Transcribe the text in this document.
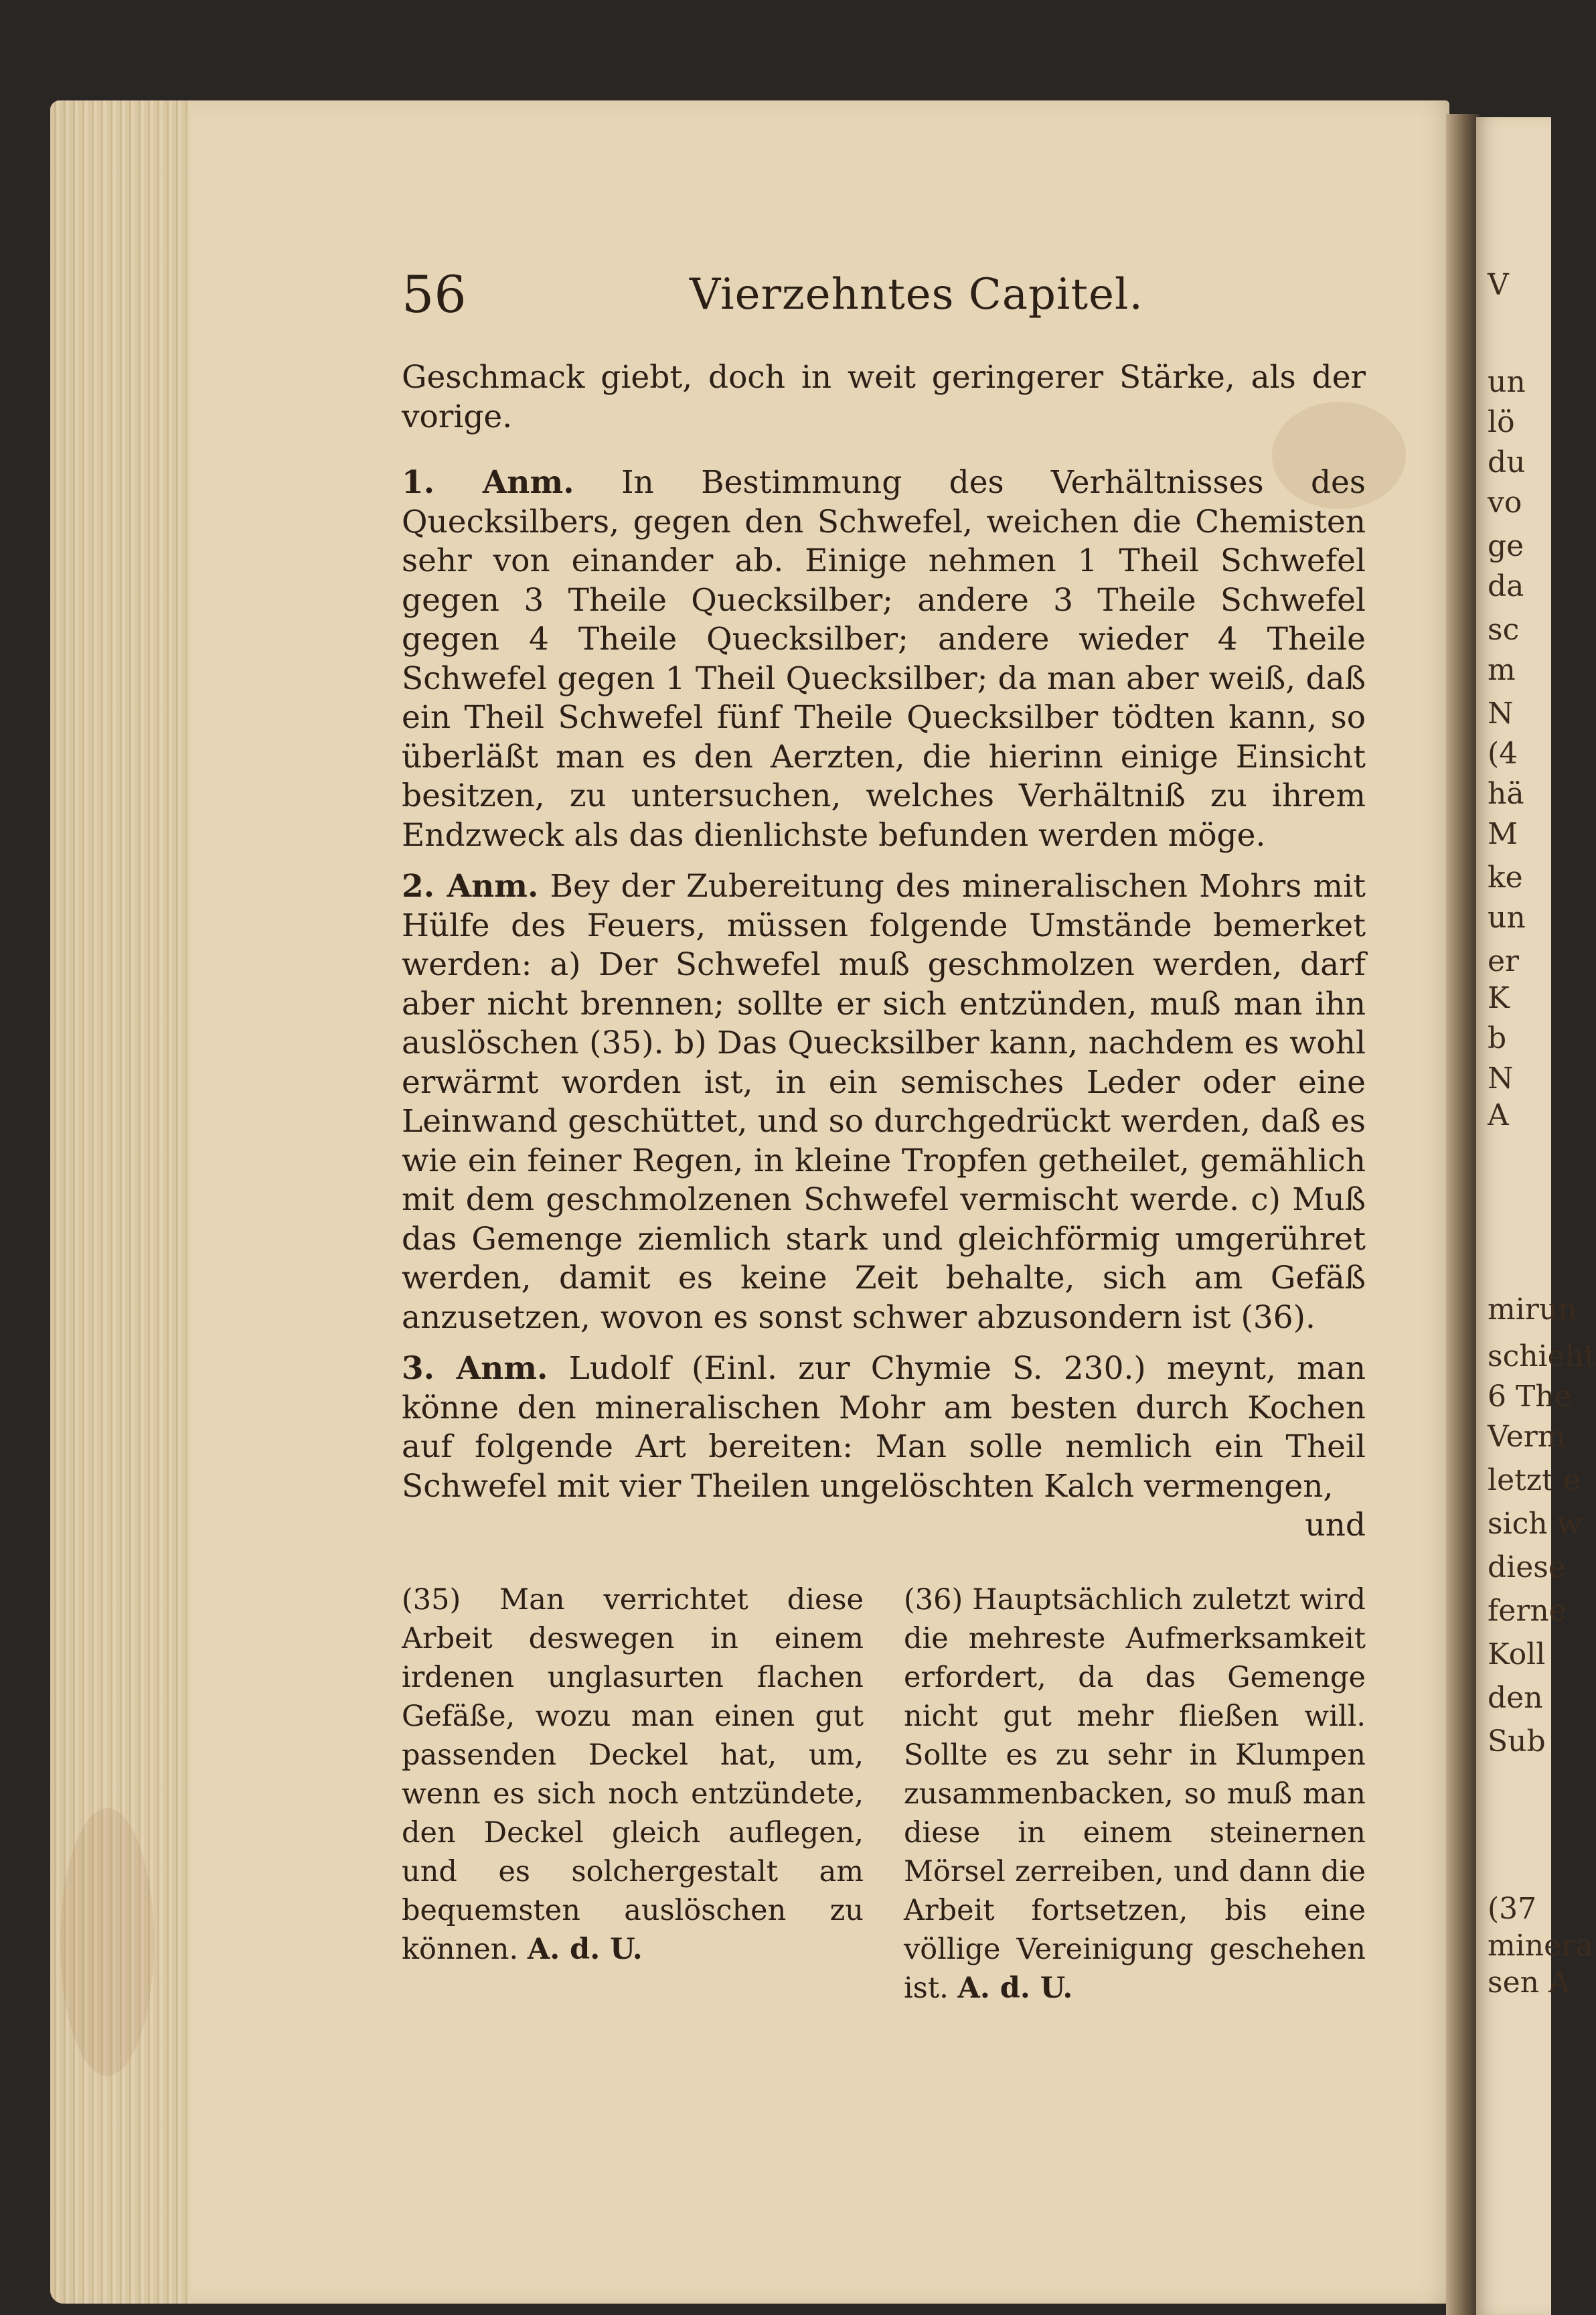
56	Vierzehntes Capitel.

Geschmack giebt, doch in weit geringerer Stärke, als der vorige.

1. Anm. In Bestimmung des Verhältnisses des Quecksilbers, gegen den Schwefel, weichen die Chemisten sehr von einander ab. Einige nehmen 1 Theil Schwefel gegen 3 Theile Quecksilber; andere 3 Theile Schwefel gegen 4 Theile Quecksilber; andere wieder 4 Theile Schwefel gegen 1 Theil Quecksilber; da man aber weiß, daß ein Theil Schwefel fünf Theile Quecksilber tödten kann, so überläßt man es den Aerzten, die hierinn einige Einsicht besitzen, zu untersuchen, welches Verhältniß zu ihrem Endzweck als das dienlichste befunden werden möge.

2. Anm. Bey der Zubereitung des mineralischen Mohrs mit Hülfe des Feuers, müssen folgende Umstände bemerket werden: a) Der Schwefel muß geschmolzen werden, darf aber nicht brennen; sollte er sich entzünden, muß man ihn auslöschen (35). b) Das Quecksilber kann, nachdem es wohl erwärmt worden ist, in ein semisches Leder oder eine Leinwand geschüttet, und so durchgedrückt werden, daß es wie ein feiner Regen, in kleine Tropfen getheilet, gemählich mit dem geschmolzenen Schwefel vermischt werde. c) Muß das Gemenge ziemlich stark und gleichförmig umgerühret werden, damit es keine Zeit behalte, sich am Gefäß anzusetzen, wovon es sonst schwer abzusondern ist (36).

3. Anm. Ludolf (Einl. zur Chymie S. 230.) meynt, man könne den mineralischen Mohr am besten durch Kochen auf folgende Art bereiten: Man solle nemlich ein Theil Schwefel mit vier Theilen ungelöschten Kalch vermengen,
und

(35) Man verrichtet diese Arbeit deswegen in einem irdenen unglasurten flachen Gefäße, wozu man einen gut passenden Deckel hat, um, wenn es sich noch entzündete, den Deckel gleich auflegen, und es solchergestalt am bequemsten auslöschen zu können. A. d. U.
(36) Hauptsächlich zuletzt wird die mehreste Aufmerksamkeit erfordert, da das Gemenge nicht gut mehr fließen will. Sollte es zu sehr in Klumpen zusammenbacken, so muß man diese in einem steinernen Mörsel zerreiben, und dann die Arbeit fortsetzen, bis eine völlige Vereinigung geschehen ist. A. d. U.
V
un
lö
du
vo
ge
da
sc
m
N
(4
hä
M
ke
un
er
K
b
N
A
mirun
schieht
6 The
Verm
letzt e
sich w
diese
ferne
Koll
den
Sub
(37
minera
sen A
